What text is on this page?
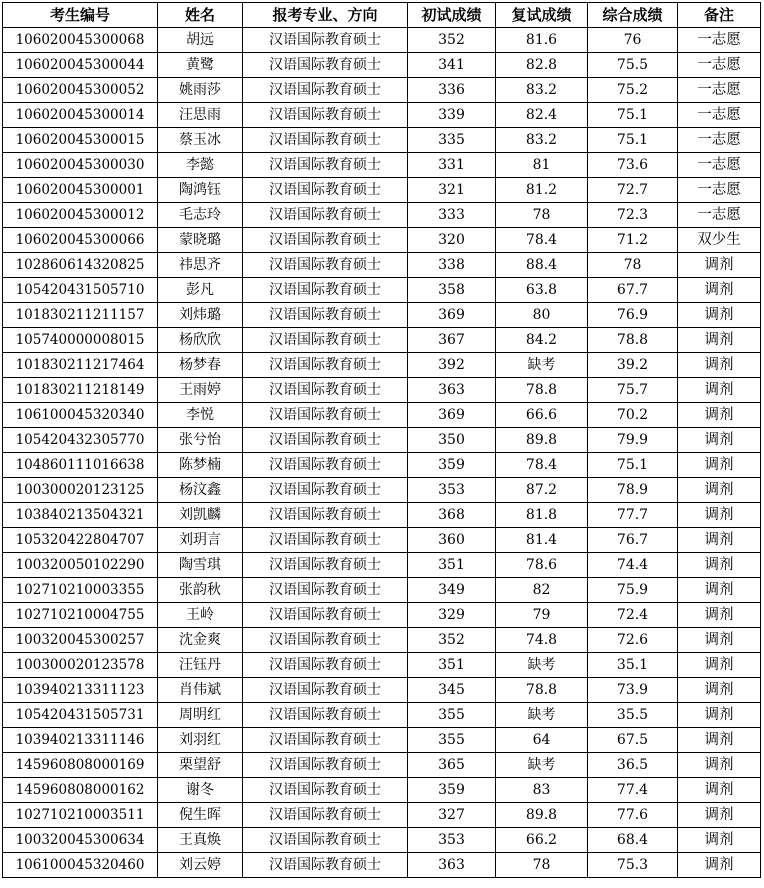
考生编号	姓名	报考专业、方向	初试成绩	复试成绩	综合成绩	备注
106020045300068	胡远	汉语国际教育硕士	352	81.6	76	一志愿
106020045300044	黄鹭	汉语国际教育硕士	341	82.8	75.5	一志愿
106020045300052	姚雨莎	汉语国际教育硕士	336	83.2	75.2	一志愿
106020045300014	汪思雨	汉语国际教育硕士	339	82.4	75.1	一志愿
106020045300015	蔡玉冰	汉语国际教育硕士	335	83.2	75.1	一志愿
106020045300030	李懿	汉语国际教育硕士	331	81	73.6	一志愿
106020045300001	陶鸿钰	汉语国际教育硕士	321	81.2	72.7	一志愿
106020045300012	毛志玲	汉语国际教育硕士	333	78	72.3	一志愿
106020045300066	蒙晓璐	汉语国际教育硕士	320	78.4	71.2	双少生
102860614320825	祎思齐	汉语国际教育硕士	338	88.4	78	调剂
105420431505710	彭凡	汉语国际教育硕士	358	63.8	67.7	调剂
101830211211157	刘炜璐	汉语国际教育硕士	369	80	76.9	调剂
105740000008015	杨欣欣	汉语国际教育硕士	367	84.2	78.8	调剂
101830211217464	杨梦春	汉语国际教育硕士	392	缺考	39.2	调剂
101830211218149	王雨婷	汉语国际教育硕士	363	78.8	75.7	调剂
106100045320340	李悦	汉语国际教育硕士	369	66.6	70.2	调剂
105420432305770	张兮怡	汉语国际教育硕士	350	89.8	79.9	调剂
104860111016638	陈梦楠	汉语国际教育硕士	359	78.4	75.1	调剂
100300020123125	杨汶鑫	汉语国际教育硕士	353	87.2	78.9	调剂
103840213504321	刘凯麟	汉语国际教育硕士	368	81.8	77.7	调剂
105320422804707	刘玥言	汉语国际教育硕士	360	81.4	76.7	调剂
100320050102290	陶雪琪	汉语国际教育硕士	351	78.6	74.4	调剂
102710210003355	张韵秋	汉语国际教育硕士	349	82	75.9	调剂
102710210004755	王岭	汉语国际教育硕士	329	79	72.4	调剂
100320045300257	沈金爽	汉语国际教育硕士	352	74.8	72.6	调剂
100300020123578	汪钰丹	汉语国际教育硕士	351	缺考	35.1	调剂
103940213311123	肖伟斌	汉语国际教育硕士	345	78.8	73.9	调剂
105420431505731	周明红	汉语国际教育硕士	355	缺考	35.5	调剂
103940213311146	刘羽红	汉语国际教育硕士	355	64	67.5	调剂
145960808000169	栗望舒	汉语国际教育硕士	365	缺考	36.5	调剂
145960808000162	谢冬	汉语国际教育硕士	359	83	77.4	调剂
102710210003511	倪生晖	汉语国际教育硕士	327	89.8	77.6	调剂
100320045300634	王真焕	汉语国际教育硕士	353	66.2	68.4	调剂
106100045320460	刘云婷	汉语国际教育硕士	363	78	75.3	调剂
